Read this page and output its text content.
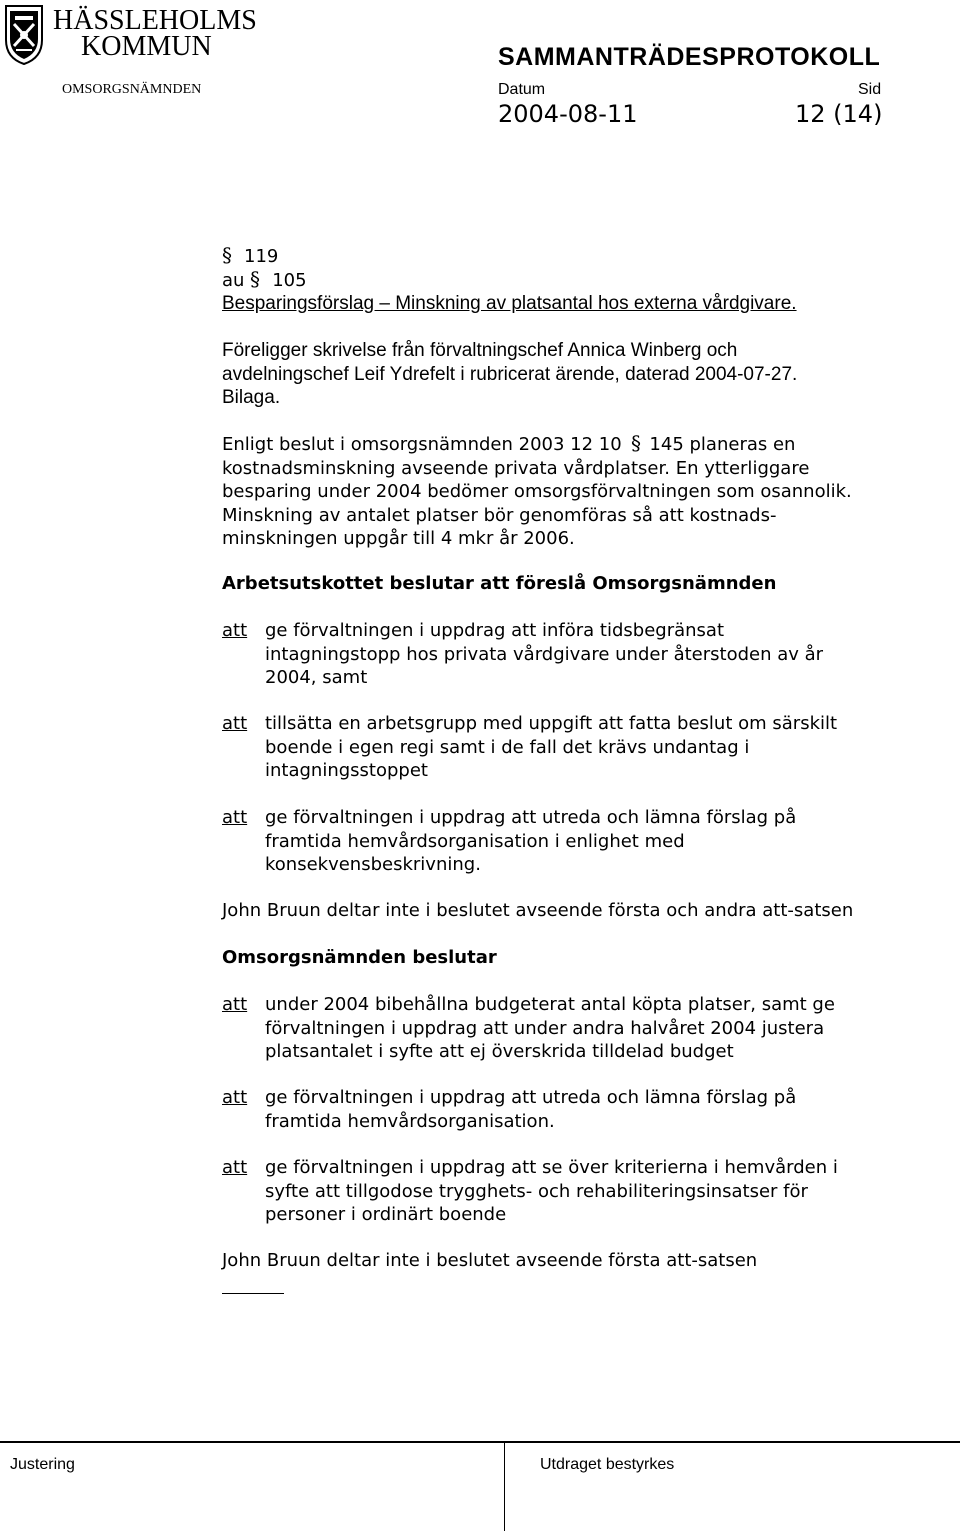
HÄSSLEHOLMS
KOMMUN	SAMMANTRÄDESPROTOKOLL
OMSORGSNÄMNDEN	Datum	Sid
2004-08-11	12 (14)
§ 119
au § 105
Besparingsförslag – Minskning av platsantal hos externa vårdgivare.
Föreligger skrivelse från förvaltningschef Annica Winberg och
avdelningschef Leif Ydrefelt i rubricerat ärende, daterad 2004-07-27.
Bilaga.
Enligt beslut i omsorgsnämnden 2003 12 10 § 145 planeras en
kostnadsminskning avseende privata vårdplatser. En ytterliggare
besparing under 2004 bedömer omsorgsförvaltningen som osannolik.
Minskning av antalet platser bör genomföras så att kostnads-
minskningen uppgår till 4 mkr år 2006.
Arbetsutskottet beslutar att föreslå Omsorgsnämnden
att ge förvaltningen i uppdrag att införa tidsbegränsat
intagningstopp hos privata vårdgivare under återstoden av år
2004, samt
att tillsätta en arbetsgrupp med uppgift att fatta beslut om särskilt
boende i egen regi samt i de fall det krävs undantag i
intagningsstoppet
att ge förvaltningen i uppdrag att utreda och lämna förslag på
framtida hemvårdsorganisation i enlighet med
konsekvensbeskrivning.
John Bruun deltar inte i beslutet avseende första och andra att-satsen
Omsorgsnämnden beslutar
att under 2004 bibehållna budgeterat antal köpta platser, samt ge
förvaltningen i uppdrag att under andra halvåret 2004 justera
platsantalet i syfte att ej överskrida tilldelad budget
att ge förvaltningen i uppdrag att utreda och lämna förslag på
framtida hemvårdsorganisation.
att ge förvaltningen i uppdrag att se över kriterierna i hemvården i
syfte att tillgodose trygghets- och rehabiliteringsinsatser för
personer i ordinärt boende
John Bruun deltar inte i beslutet avseende första att-satsen
Justering	Utdraget bestyrkes
